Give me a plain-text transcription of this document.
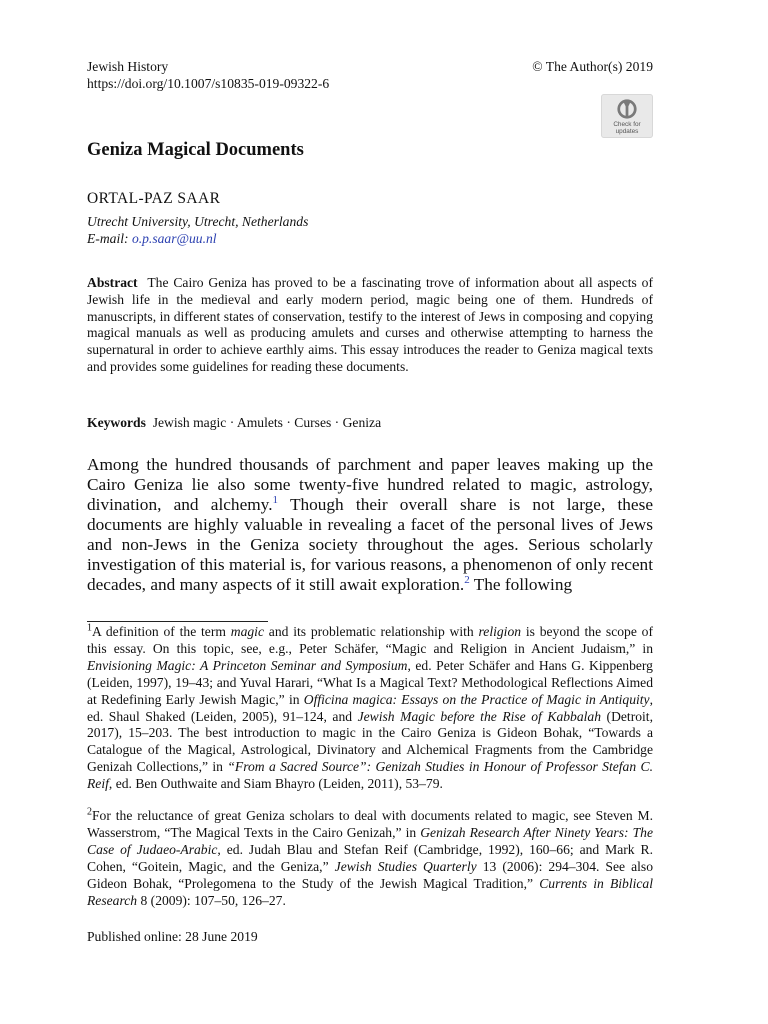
Jewish History
https://doi.org/10.1007/s10835-019-09322-6
© The Author(s) 2019
Check for
updates
Geniza Magical Documents
ORTAL-PAZ SAAR
Utrecht University, Utrecht, Netherlands
E-mail: o.p.saar@uu.nl

Abstract The Cairo Geniza has proved to be a fascinating trove of information about all aspects of Jewish life in the medieval and early modern period, magic being one of them. Hundreds of manuscripts, in different states of conservation, testify to the interest of Jews in composing and copying magical manuals as well as producing amulets and curses and otherwise attempting to harness the supernatural in order to achieve earthly aims. This essay introduces the reader to Geniza magical texts and provides some guidelines for reading these documents.

Keywords Jewish magic · Amulets · Curses · Geniza

Among the hundred thousands of parchment and paper leaves making up the Cairo Geniza lie also some twenty-five hundred related to magic, astrology, divination, and alchemy.$^1$ Though their overall share is not large, these documents are highly valuable in revealing a facet of the personal lives of Jews and non-Jews in the Geniza society throughout the ages. Serious scholarly investigation of this material is, for various reasons, a phenomenon of only recent decades, and many aspects of it still await exploration.$^2$ The following

$^1$A definition of the term magic and its problematic relationship with religion is beyond the scope of this essay. On this topic, see, e.g., Peter Schäfer, “Magic and Religion in Ancient Judaism,” in Envisioning Magic: A Princeton Seminar and Symposium, ed. Peter Schäfer and Hans G. Kippenberg (Leiden, 1997), 19–43; and Yuval Harari, “What Is a Magical Text? Methodological Reflections Aimed at Redefining Early Jewish Magic,” in Officina magica: Essays on the Practice of Magic in Antiquity, ed. Shaul Shaked (Leiden, 2005), 91–124, and Jewish Magic before the Rise of Kabbalah (Detroit, 2017), 15–203. The best introduction to magic in the Cairo Geniza is Gideon Bohak, “Towards a Catalogue of the Magical, Astrological, Divinatory and Alchemical Fragments from the Cambridge Genizah Collections,” in “From a Sacred Source”: Genizah Studies in Honour of Professor Stefan C. Reif, ed. Ben Outhwaite and Siam Bhayro (Leiden, 2011), 53–79.

$^2$For the reluctance of great Geniza scholars to deal with documents related to magic, see Steven M. Wasserstrom, “The Magical Texts in the Cairo Genizah,” in Genizah Research After Ninety Years: The Case of Judaeo-Arabic, ed. Judah Blau and Stefan Reif (Cambridge, 1992), 160–66; and Mark R. Cohen, “Goitein, Magic, and the Geniza,” Jewish Studies Quarterly 13 (2006): 294–304. See also Gideon Bohak, “Prolegomena to the Study of the Jewish Magical Tradition,” Currents in Biblical Research 8 (2009): 107–50, 126–27.

Published online: 28 June 2019
